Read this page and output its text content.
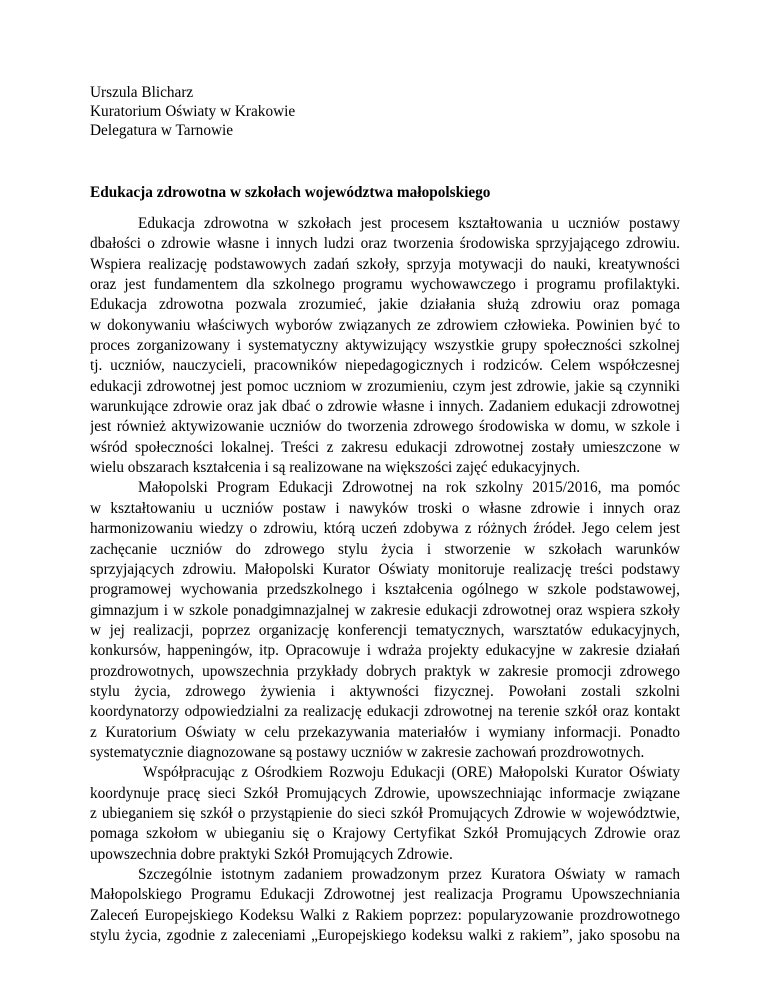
Urszula Blicharz
Kuratorium Oświaty w Krakowie
Delegatura w Tarnowie
Edukacja zdrowotna w szkołach województwa małopolskiego
Edukacja zdrowotna w szkołach jest procesem kształtowania u uczniów postawy
dbałości o zdrowie własne i innych ludzi oraz tworzenia środowiska sprzyjającego zdrowiu.
Wspiera realizację podstawowych zadań szkoły, sprzyja motywacji do nauki, kreatywności
oraz jest fundamentem dla szkolnego programu wychowawczego i programu profilaktyki.
Edukacja zdrowotna pozwala zrozumieć, jakie działania służą zdrowiu oraz pomaga
w dokonywaniu właściwych wyborów związanych ze zdrowiem człowieka. Powinien być to
proces zorganizowany i systematyczny aktywizujący wszystkie grupy społeczności szkolnej
tj. uczniów, nauczycieli, pracowników niepedagogicznych i rodziców. Celem współczesnej
edukacji zdrowotnej jest pomoc uczniom w zrozumieniu, czym jest zdrowie, jakie są czynniki
warunkujące zdrowie oraz jak dbać o zdrowie własne i innych. Zadaniem edukacji zdrowotnej
jest również aktywizowanie uczniów do tworzenia zdrowego środowiska w domu, w szkole i
wśród społeczności lokalnej. Treści z zakresu edukacji zdrowotnej zostały umieszczone w
wielu obszarach kształcenia i są realizowane na większości zajęć edukacyjnych.
Małopolski Program Edukacji Zdrowotnej na rok szkolny 2015/2016, ma pomóc
w kształtowaniu u uczniów postaw i nawyków troski o własne zdrowie i innych oraz
harmonizowaniu wiedzy o zdrowiu, którą uczeń zdobywa z różnych źródeł. Jego celem jest
zachęcanie uczniów do zdrowego stylu życia i stworzenie w szkołach warunków
sprzyjających zdrowiu. Małopolski Kurator Oświaty monitoruje realizację treści podstawy
programowej wychowania przedszkolnego i kształcenia ogólnego w szkole podstawowej,
gimnazjum i w szkole ponadgimnazjalnej w zakresie edukacji zdrowotnej oraz wspiera szkoły
w jej realizacji, poprzez organizację konferencji tematycznych, warsztatów edukacyjnych,
konkursów, happeningów, itp. Opracowuje i wdraża projekty edukacyjne w zakresie działań
prozdrowotnych, upowszechnia przykłady dobrych praktyk w zakresie promocji zdrowego
stylu życia, zdrowego żywienia i aktywności fizycznej. Powołani zostali szkolni
koordynatorzy odpowiedzialni za realizację edukacji zdrowotnej na terenie szkół oraz kontakt
z Kuratorium Oświaty w celu przekazywania materiałów i wymiany informacji. Ponadto
systematycznie diagnozowane są postawy uczniów w zakresie zachowań prozdrowotnych.
Współpracując z Ośrodkiem Rozwoju Edukacji (ORE) Małopolski Kurator Oświaty
koordynuje pracę sieci Szkół Promujących Zdrowie, upowszechniając informacje związane
z ubieganiem się szkół o przystąpienie do sieci szkół Promujących Zdrowie w województwie,
pomaga szkołom w ubieganiu się o Krajowy Certyfikat Szkół Promujących Zdrowie oraz
upowszechnia dobre praktyki Szkół Promujących Zdrowie.
Szczególnie istotnym zadaniem prowadzonym przez Kuratora Oświaty w ramach
Małopolskiego Programu Edukacji Zdrowotnej jest realizacja Programu Upowszechniania
Zaleceń Europejskiego Kodeksu Walki z Rakiem poprzez: popularyzowanie prozdrowotnego
stylu życia, zgodnie z zaleceniami „Europejskiego kodeksu walki z rakiem”, jako sposobu na
